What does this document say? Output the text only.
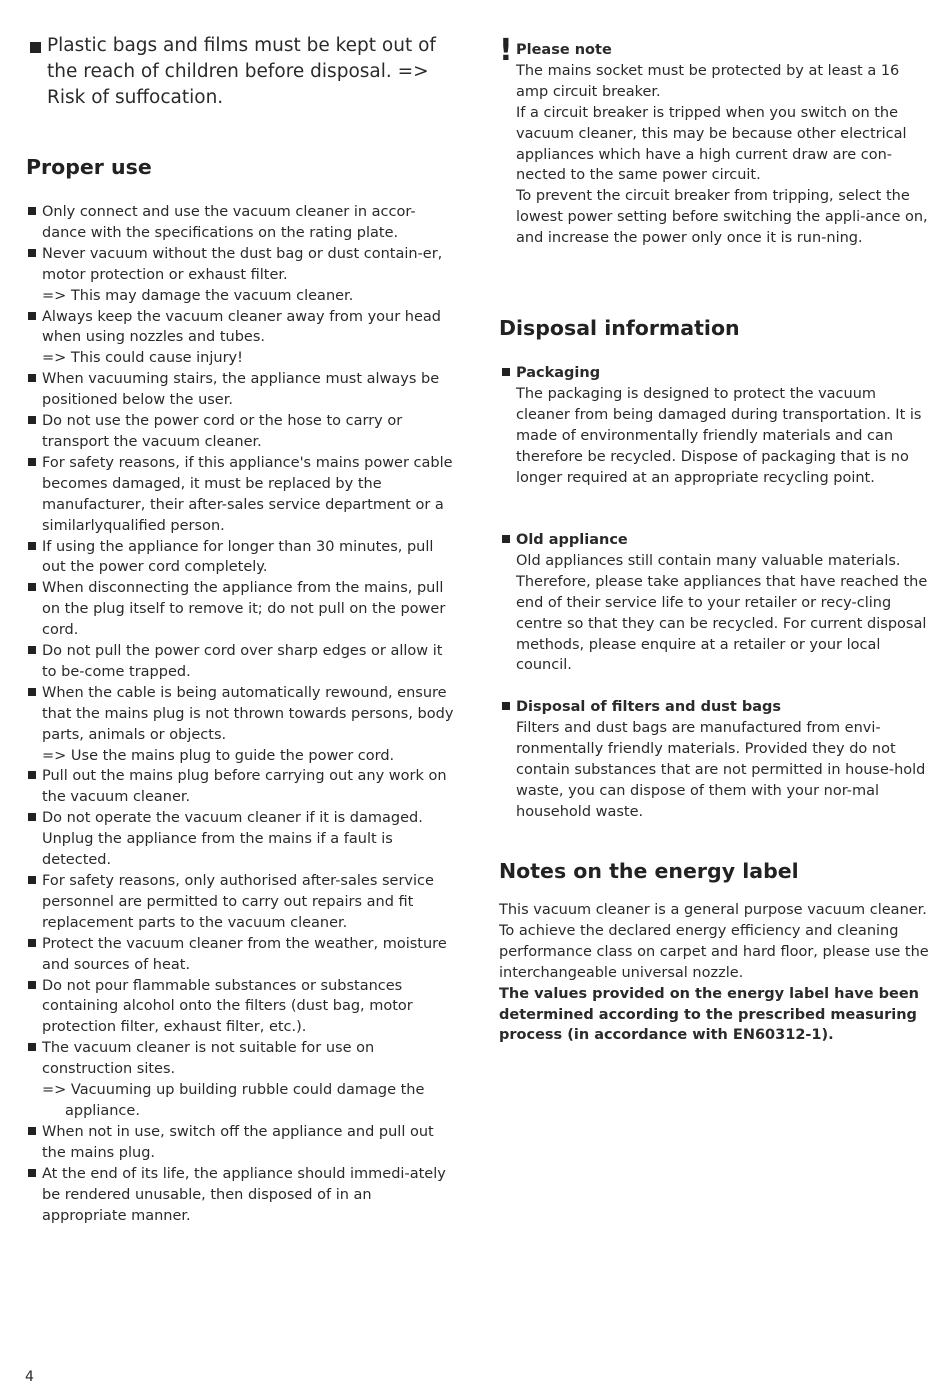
Plastic bags and films must be kept out of the reach of children before disposal. => Risk of suffocation.
Proper use
Only connect and use the vacuum cleaner in accor-dance with the specifications on the rating plate.
Never vacuum without the dust bag or dust contain-er, motor protection or exhaust filter.
=> This may damage the vacuum cleaner.
Always keep the vacuum cleaner away from your head when using nozzles and tubes.
=> This could cause injury!
When vacuuming stairs, the appliance must always be positioned below the user.
Do not use the power cord or the hose to carry or transport the vacuum cleaner.
For safety reasons, if this appliance's mains power cable becomes damaged, it must be replaced by the manufacturer, their after-sales service department or a similarlyqualified person.
If using the appliance for longer than 30 minutes, pull out the power cord completely.
When disconnecting the appliance from the mains, pull on the plug itself to remove it; do not pull on the power cord.
Do not pull the power cord over sharp edges or allow it to be-come trapped.
When the cable is being automatically rewound, ensure that the mains plug is not thrown towards persons, body parts, animals or objects.
=> Use the mains plug to guide the power cord.
Pull out the mains plug before carrying out any work on the vacuum cleaner.
Do not operate the vacuum cleaner if it is damaged. Unplug the appliance from the mains if a fault is detected.
For safety reasons, only authorised after-sales service personnel are permitted to carry out repairs and fit replacement parts to the vacuum cleaner.
Protect the vacuum cleaner from the weather, moisture and sources of heat.
Do not pour flammable substances or substances containing alcohol onto the filters (dust bag, motor protection filter, exhaust filter, etc.).
The vacuum cleaner is not suitable for use on construction sites.
=> Vacuuming up building rubble could damage the appliance.
When not in use, switch off the appliance and pull out the mains plug.
At the end of its life, the appliance should immedi-ately be rendered unusable, then disposed of in an appropriate manner.
! Please note
The mains socket must be protected by at least a 16 amp circuit breaker.
If a circuit breaker is tripped when you switch on the vacuum cleaner, this may be because other electrical appliances which have a high current draw are con-nected to the same power circuit.
To prevent the circuit breaker from tripping, select the lowest power setting before switching the appli-ance on, and increase the power only once it is run-ning.
Disposal information
Packaging
The packaging is designed to protect the vacuum cleaner from being damaged during transportation. It is made of environmentally friendly materials and can therefore be recycled. Dispose of packaging that is no longer required at an appropriate recycling point.
Old appliance
Old appliances still contain many valuable materials. Therefore, please take appliances that have reached the end of their service life to your retailer or recy-cling centre so that they can be recycled. For current disposal methods, please enquire at a retailer or your local council.
Disposal of filters and dust bags
Filters and dust bags are manufactured from envi-ronmentally friendly materials. Provided they do not contain substances that are not permitted in house-hold waste, you can dispose of them with your nor-mal household waste.
Notes on the energy label

This vacuum cleaner is a general purpose vacuum cleaner.

To achieve the declared energy efficiency and cleaning performance class on carpet and hard floor, please use the interchangeable universal nozzle.

The values provided on the energy label have been determined according to the prescribed measuring process (in accordance with EN60312-1).

4
